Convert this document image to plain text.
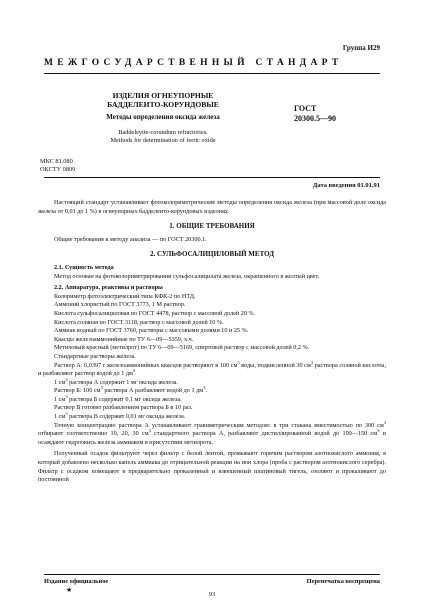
Группа И29
МЕЖГОСУДАРСТВЕННЫЙ СТАНДАРТ
ИЗДЕЛИЯ ОГНЕУПОРНЫЕ
БАДДЕЛЕИТО-КОРУНДОВЫЕ
Методы определения оксида железа
Baddeleyite-corundum refractories.
Methods for determination of ferric oxide
ГОСТ
20300.5—90
МКС 81.080
ОКСТУ 0809
Дата введения 01.01.91

Настоящий стандарт устанавливает фотоколориметрические методы определения оксида железа (при массовой доле оксида железа от 0,01 до 1 %) в огнеупорных бадделеито-корундовых изделиях.

1. ОБЩИЕ ТРЕБОВАНИЯ

Общие требования к методу анализа — по ГОСТ 20300.1.

2. СУЛЬФОСАЛИЦИЛОВЫЙ МЕТОД

2.1. Сущность метода

Метод основан на фотоколориметрировании сульфосалицилата железа, окрашенного в желтый цвет.

2.2. Аппаратура, реактивы и растворы

Колориметр фотоэлектрический типа КФК-2 по НТД.

Аммоний хлористый по ГОСТ 3773, 1 М раствор.

Кислота сульфосалициловая по ГОСТ 4478, раствор с массовой долей 20 %.

Кислота соляная по ГОСТ 3118, раствор с массовой долей 10 %.

Аммиак водный по ГОСТ 3760, растворы с массовыми долями 10 и 25 %.

Квасцы железоаммонийные по ТУ 6—09—5359, х.ч.

Метиловый красный (метилрот) по ТУ 6—09—5169, спиртовой раствор с массовой долей 0,2 %.

Стандартные растворы железа.

Раствор А: 6,0397 г железоаммонийных квасцов растворяют в 100 $см^3$ воды, подкисленной 30 $см^3$ раствора соляной кислоты, и разбавляют раствор водой до 1 $дм^3$.

1 $см^3$ раствора А содержит 1 мг оксида железа.

Раствор Б: 100 $см^3$ раствора А разбавляют водой до 1 $дм^3$.

1 $см^3$ раствора Б содержит 0,1 мг оксида железа.

Раствор В готовят разбавлением раствора Б в 10 раз.

1 $см^3$ раствора В содержит 0,01 мг оксида железа.

Точную концентрацию раствора А устанавливают гравиметрическим методом: в три стакана вместимостью по 300 $см^3$ отбирают соответственно 10, 20, 30 $см^3$ стандартного раствора А, разбавляют дистиллированной водой до 100—150 $см^3$ и осаждают гидроокись железа аммиаком в присутствии метилрота.

Полученный осадок фильтруют через фильтр с белой лентой, промывают горячим раствором азотнокислого аммония, в который добавлено несколько капель аммиака до отрицательной реакции на ион хлора (проба с раствором азотнокислого серебра). Фильтр с осадком помещают в предварительно прокаленный и взвешенный платиновый тигель, озоляют и прокаливают до постоянной

Издание официальное
★
Перепечатка воспрещена
93
